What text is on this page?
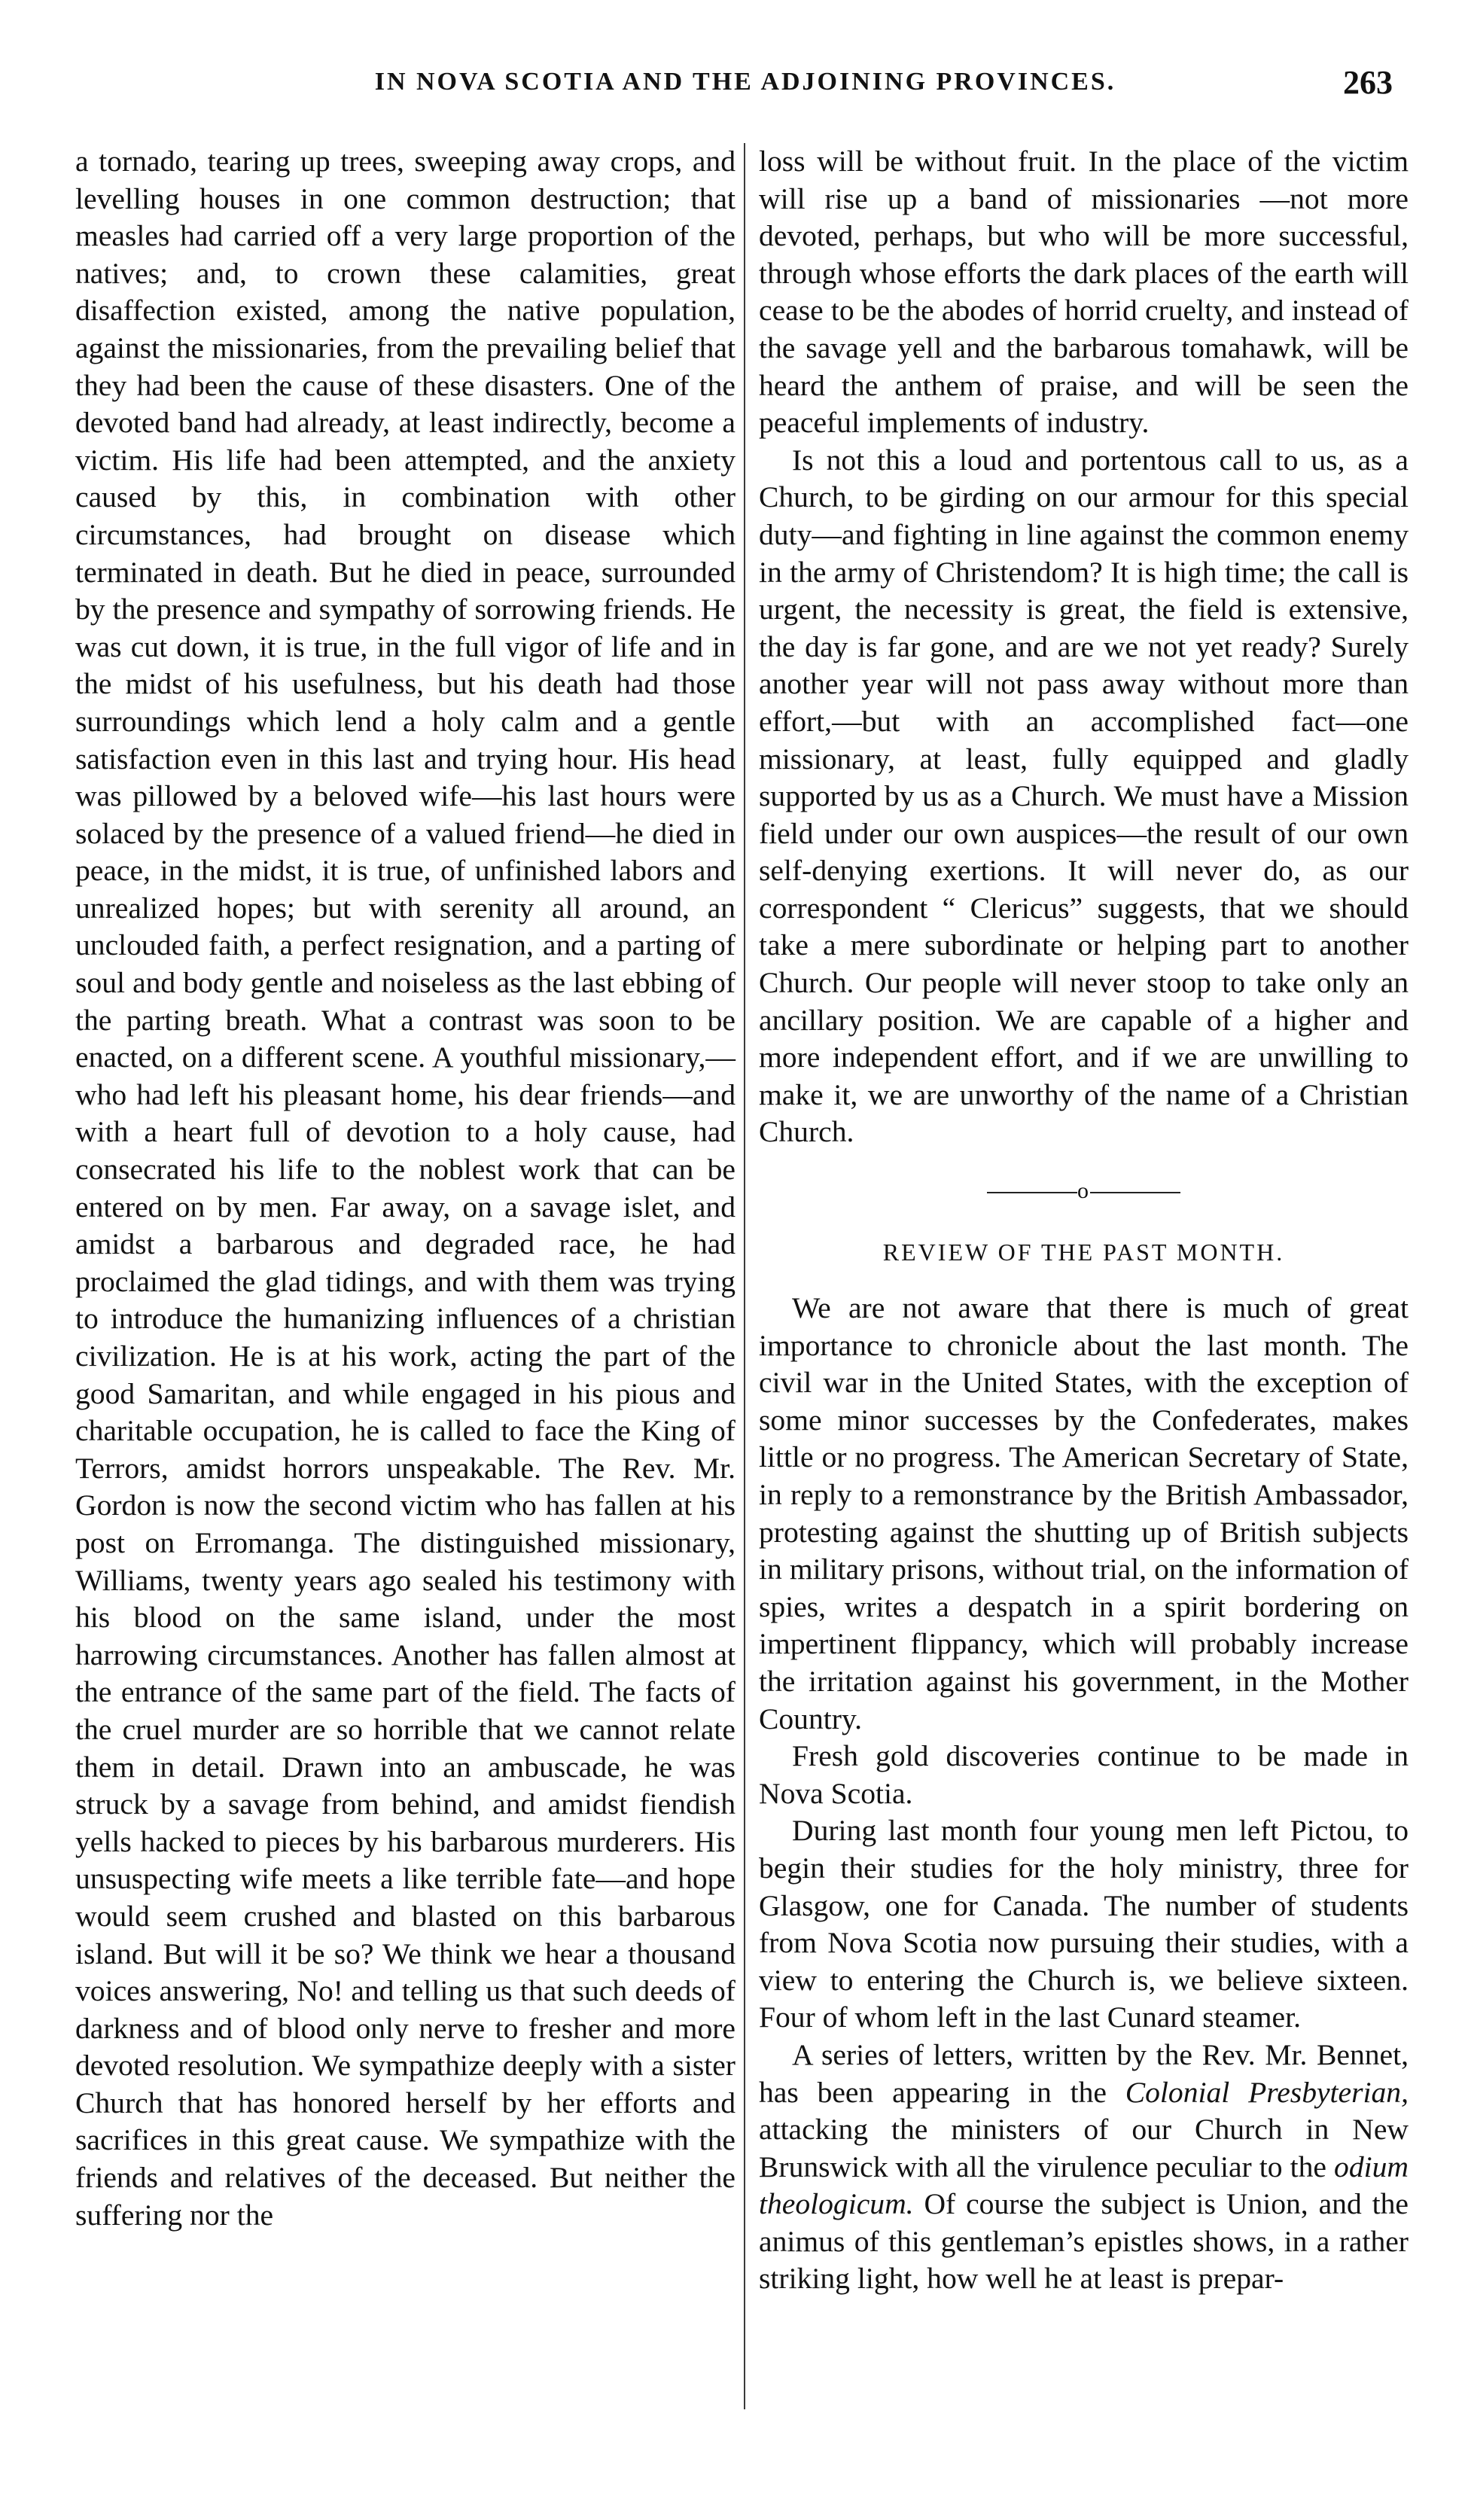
IN NOVA SCOTIA AND THE ADJOINING PROVINCES.	263

a tornado, tearing up trees, sweeping away crops, and levelling houses in one common destruction; that measles had carried off a very large proportion of the natives; and, to crown these calamities, great disaffection existed, among the native population, against the missionaries, from the prevailing belief that they had been the cause of these disasters. One of the devoted band had already, at least indirectly, become a victim. His life had been attempted, and the anxiety caused by this, in combination with other circumstances, had brought on disease which terminated in death. But he died in peace, surrounded by the presence and sympathy of sorrowing friends. He was cut down, it is true, in the full vigor of life and in the midst of his usefulness, but his death had those surroundings which lend a holy calm and a gentle satisfaction even in this last and trying hour. His head was pillowed by a beloved wife—his last hours were solaced by the presence of a valued friend—he died in peace, in the midst, it is true, of unfinished labors and unrealized hopes; but with serenity all around, an unclouded faith, a perfect resignation, and a parting of soul and body gentle and noiseless as the last ebbing of the parting breath. What a contrast was soon to be enacted, on a different scene. A youthful missionary,—who had left his pleasant home, his dear friends—and with a heart full of devotion to a holy cause, had consecrated his life to the noblest work that can be entered on by men. Far away, on a savage islet, and amidst a barbarous and degraded race, he had proclaimed the glad tidings, and with them was trying to introduce the humanizing influences of a christian civilization. He is at his work, acting the part of the good Samaritan, and while engaged in his pious and charitable occupation, he is called to face the King of Terrors, amidst horrors unspeakable. The Rev. Mr. Gordon is now the second victim who has fallen at his post on Erromanga. The distinguished missionary, Williams, twenty years ago sealed his testimony with his blood on the same island, under the most harrowing circumstances. Another has fallen almost at the entrance of the same part of the field. The facts of the cruel murder are so horrible that we cannot relate them in detail. Drawn into an ambuscade, he was struck by a savage from behind, and amidst fiendish yells hacked to pieces by his barbarous murderers. His unsuspecting wife meets a like terrible fate—and hope would seem crushed and blasted on this barbarous island. But will it be so? We think we hear a thousand voices answering, No! and telling us that such deeds of darkness and of blood only nerve to fresher and more devoted resolution. We sympathize deeply with a sister Church that has honored herself by her efforts and sacrifices in this great cause. We sympathize with the friends and relatives of the deceased. But neither the suffering nor the

loss will be without fruit. In the place of the victim will rise up a band of missionaries —not more devoted, perhaps, but who will be more successful, through whose efforts the dark places of the earth will cease to be the abodes of horrid cruelty, and instead of the savage yell and the barbarous tomahawk, will be heard the anthem of praise, and will be seen the peaceful implements of industry.

Is not this a loud and portentous call to us, as a Church, to be girding on our armour for this special duty—and fighting in line against the common enemy in the army of Christendom? It is high time; the call is urgent, the necessity is great, the field is extensive, the day is far gone, and are we not yet ready? Surely another year will not pass away without more than effort,—but with an accomplished fact—one missionary, at least, fully equipped and gladly supported by us as a Church. We must have a Mission field under our own auspices—the result of our own self-denying exertions. It will never do, as our correspondent “ Clericus” suggests, that we should take a mere subordinate or helping part to another Church. Our people will never stoop to take only an ancillary position. We are capable of a higher and more independent effort, and if we are unwilling to make it, we are unworthy of the name of a Christian Church.

o
REVIEW OF THE PAST MONTH.

We are not aware that there is much of great importance to chronicle about the last month. The civil war in the United States, with the exception of some minor successes by the Confederates, makes little or no progress. The American Secretary of State, in reply to a remonstrance by the British Ambassador, protesting against the shutting up of British subjects in military prisons, without trial, on the information of spies, writes a despatch in a spirit bordering on impertinent flippancy, which will probably increase the irritation against his government, in the Mother Country.

Fresh gold discoveries continue to be made in Nova Scotia.

During last month four young men left Pictou, to begin their studies for the holy ministry, three for Glasgow, one for Canada. The number of students from Nova Scotia now pursuing their studies, with a view to entering the Church is, we believe sixteen. Four of whom left in the last Cunard steamer.

A series of letters, written by the Rev. Mr. Bennet, has been appearing in the Colonial Presbyterian, attacking the ministers of our Church in New Brunswick with all the virulence peculiar to the odium theologicum. Of course the subject is Union, and the animus of this gentleman’s epistles shows, in a rather striking light, how well he at least is prepar-
